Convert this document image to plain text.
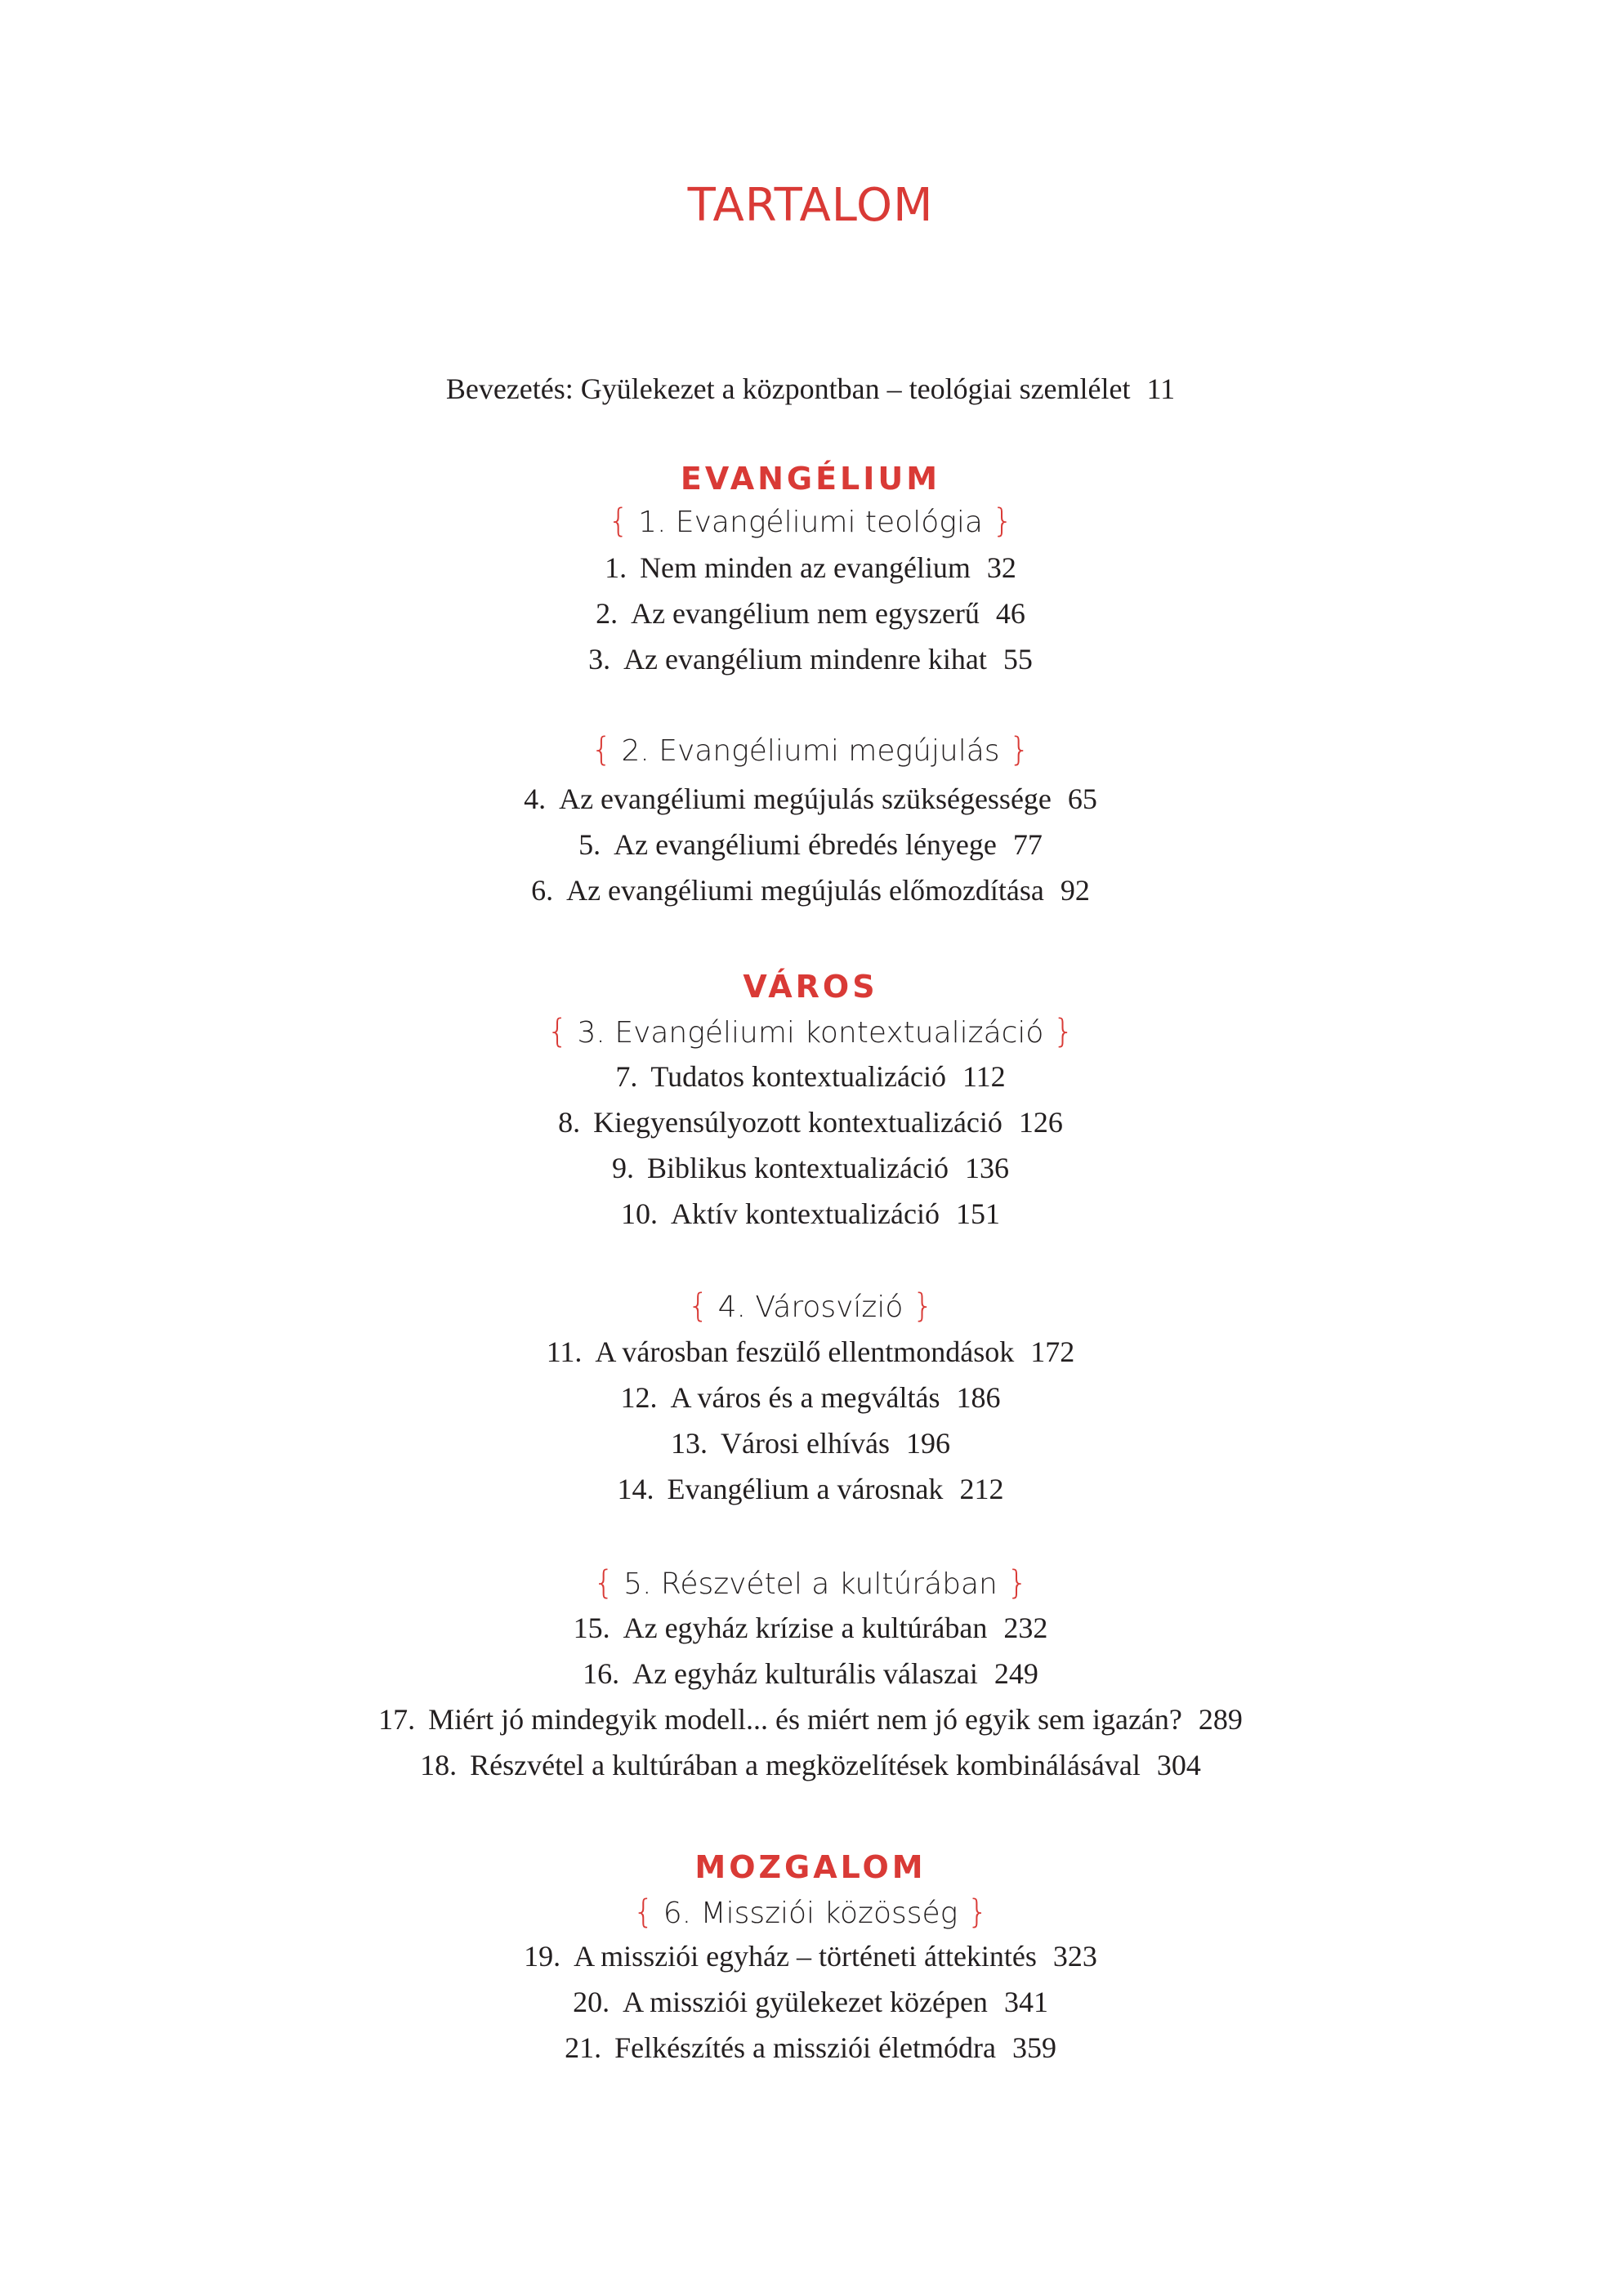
TARTALOM
Bevezetés: Gyülekezet a központban – teológiai szemlélet 11
EVANGÉLIUM
{ 1. Evangéliumi teológia }
1. Nem minden az evangélium 32
2. Az evangélium nem egyszerű 46
3. Az evangélium mindenre kihat 55
{ 2. Evangéliumi megújulás }
4. Az evangéliumi megújulás szükségessége 65
5. Az evangéliumi ébredés lényege 77
6. Az evangéliumi megújulás előmozdítása 92
VÁROS
{ 3. Evangéliumi kontextualizáció }
7. Tudatos kontextualizáció 112
8. Kiegyensúlyozott kontextualizáció 126
9. Biblikus kontextualizáció 136
10. Aktív kontextualizáció 151
{ 4. Városvízió }
11. A városban feszülő ellentmondások 172
12. A város és a megváltás 186
13. Városi elhívás 196
14. Evangélium a városnak 212
{ 5. Részvétel a kultúrában }
15. Az egyház krízise a kultúrában 232
16. Az egyház kulturális válaszai 249
17. Miért jó mindegyik modell... és miért nem jó egyik sem igazán? 289
18. Részvétel a kultúrában a megközelítések kombinálásával 304
MOZGALOM
{ 6. Missziói közösség }
19. A missziói egyház – történeti áttekintés 323
20. A missziói gyülekezet középen 341
21. Felkészítés a missziói életmódra 359
